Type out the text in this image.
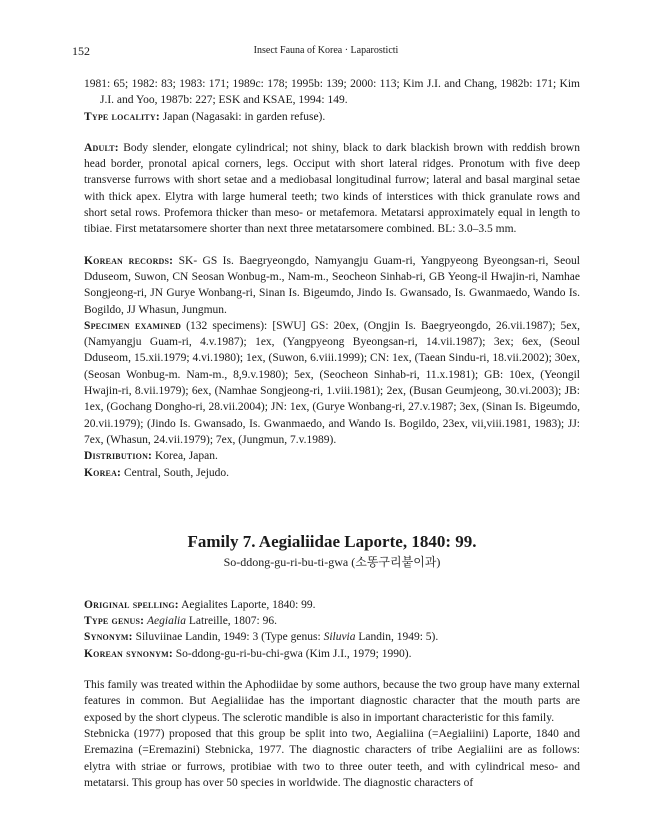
152	Insect Fauna of Korea · Laparosticti

1981: 65; 1982: 83; 1983: 171; 1989c: 178; 1995b: 139; 2000: 113; Kim J.I. and Chang, 1982b: 171; Kim J.I. and Yoo, 1987b: 227; ESK and KSAE, 1994: 149.

Type locality: Japan (Nagasaki: in garden refuse).

Adult: Body slender, elongate cylindrical; not shiny, black to dark blackish brown with reddish brown head border, pronotal apical corners, legs. Occiput with short lateral ridges. Pronotum with five deep transverse furrows with short setae and a mediobasal longitudinal furrow; lateral and basal marginal setae with thick apex. Elytra with large humeral teeth; two kinds of interstices with thick granulate rows and short setal rows. Profemora thicker than meso- or metafemora. Metatarsi approximately equal in length to tibiae. First metatarsomere shorter than next three metatarsomere combined. BL: 3.0–3.5 mm.

Korean records: SK- GS Is. Baegryeongdo, Namyangju Guam-ri, Yangpyeong Byeongsan-ri, Seoul Dduseom, Suwon, CN Seosan Wonbug-m., Nam-m., Seocheon Sinhab-ri, GB Yeong-il Hwajin-ri, Namhae Songjeong-ri, JN Gurye Wonbang-ri, Sinan Is. Bigeumdo, Jindo Is. Gwansado, Is. Gwanmaedo, Wando Is. Bogildo, JJ Whasun, Jungmun.

Specimen examined (132 specimens): [SWU] GS: 20ex, (Ongjin Is. Baegryeongdo, 26.vii.1987); 5ex, (Namyangju Guam-ri, 4.v.1987); 1ex, (Yangpyeong Byeongsan-ri, 14.vii.1987); 3ex; 6ex, (Seoul Dduseom, 15.xii.1979; 4.vi.1980); 1ex, (Suwon, 6.viii.1999); CN: 1ex, (Taean Sindu-ri, 18.vii.2002); 30ex, (Seosan Wonbug-m. Nam-m., 8,9.v.1980); 5ex, (Seocheon Sinhab-ri, 11.x.1981); GB: 10ex, (Yeongil Hwajin-ri, 8.vii.1979); 6ex, (Namhae Songjeong-ri, 1.viii.1981); 2ex, (Busan Geumjeong, 30.vi.2003); JB: 1ex, (Gochang Dongho-ri, 28.vii.2004); JN: 1ex, (Gurye Wonbang-ri, 27.v.1987; 3ex, (Sinan Is. Bigeumdo, 20.vii.1979); (Jindo Is. Gwansado, Is. Gwanmaedo, and Wando Is. Bogildo, 23ex, vii,viii.1981, 1983); JJ: 7ex, (Whasun, 24.vii.1979); 7ex, (Jungmun, 7.v.1989).

Distribution: Korea, Japan.

Korea: Central, South, Jejudo.

Family 7. Aegialiidae Laporte, 1840: 99.

So-ddong-gu-ri-bu-ti-gwa (소똥구리붙이과)

Original spelling: Aegialites Laporte, 1840: 99.

Type genus: Aegialia Latreille, 1807: 96.

Synonym: Siluviinae Landin, 1949: 3 (Type genus: Siluvia Landin, 1949: 5).

Korean synonym: So-ddong-gu-ri-bu-chi-gwa (Kim J.I., 1979; 1990).

This family was treated within the Aphodiidae by some authors, because the two group have many external features in common. But Aegialiidae has the important diagnostic character that the mouth parts are exposed by the short clypeus. The sclerotic mandible is also in important characteristic for this family.

Stebnicka (1977) proposed that this group be split into two, Aegialiina (=Aegialiini) Laporte, 1840 and Eremazina (=Eremazini) Stebnicka, 1977. The diagnostic characters of tribe Aegialiini are as follows: elytra with striae or furrows, protibiae with two to three outer teeth, and with cylindrical meso- and metatarsi. This group has over 50 species in worldwide. The diagnostic characters of
